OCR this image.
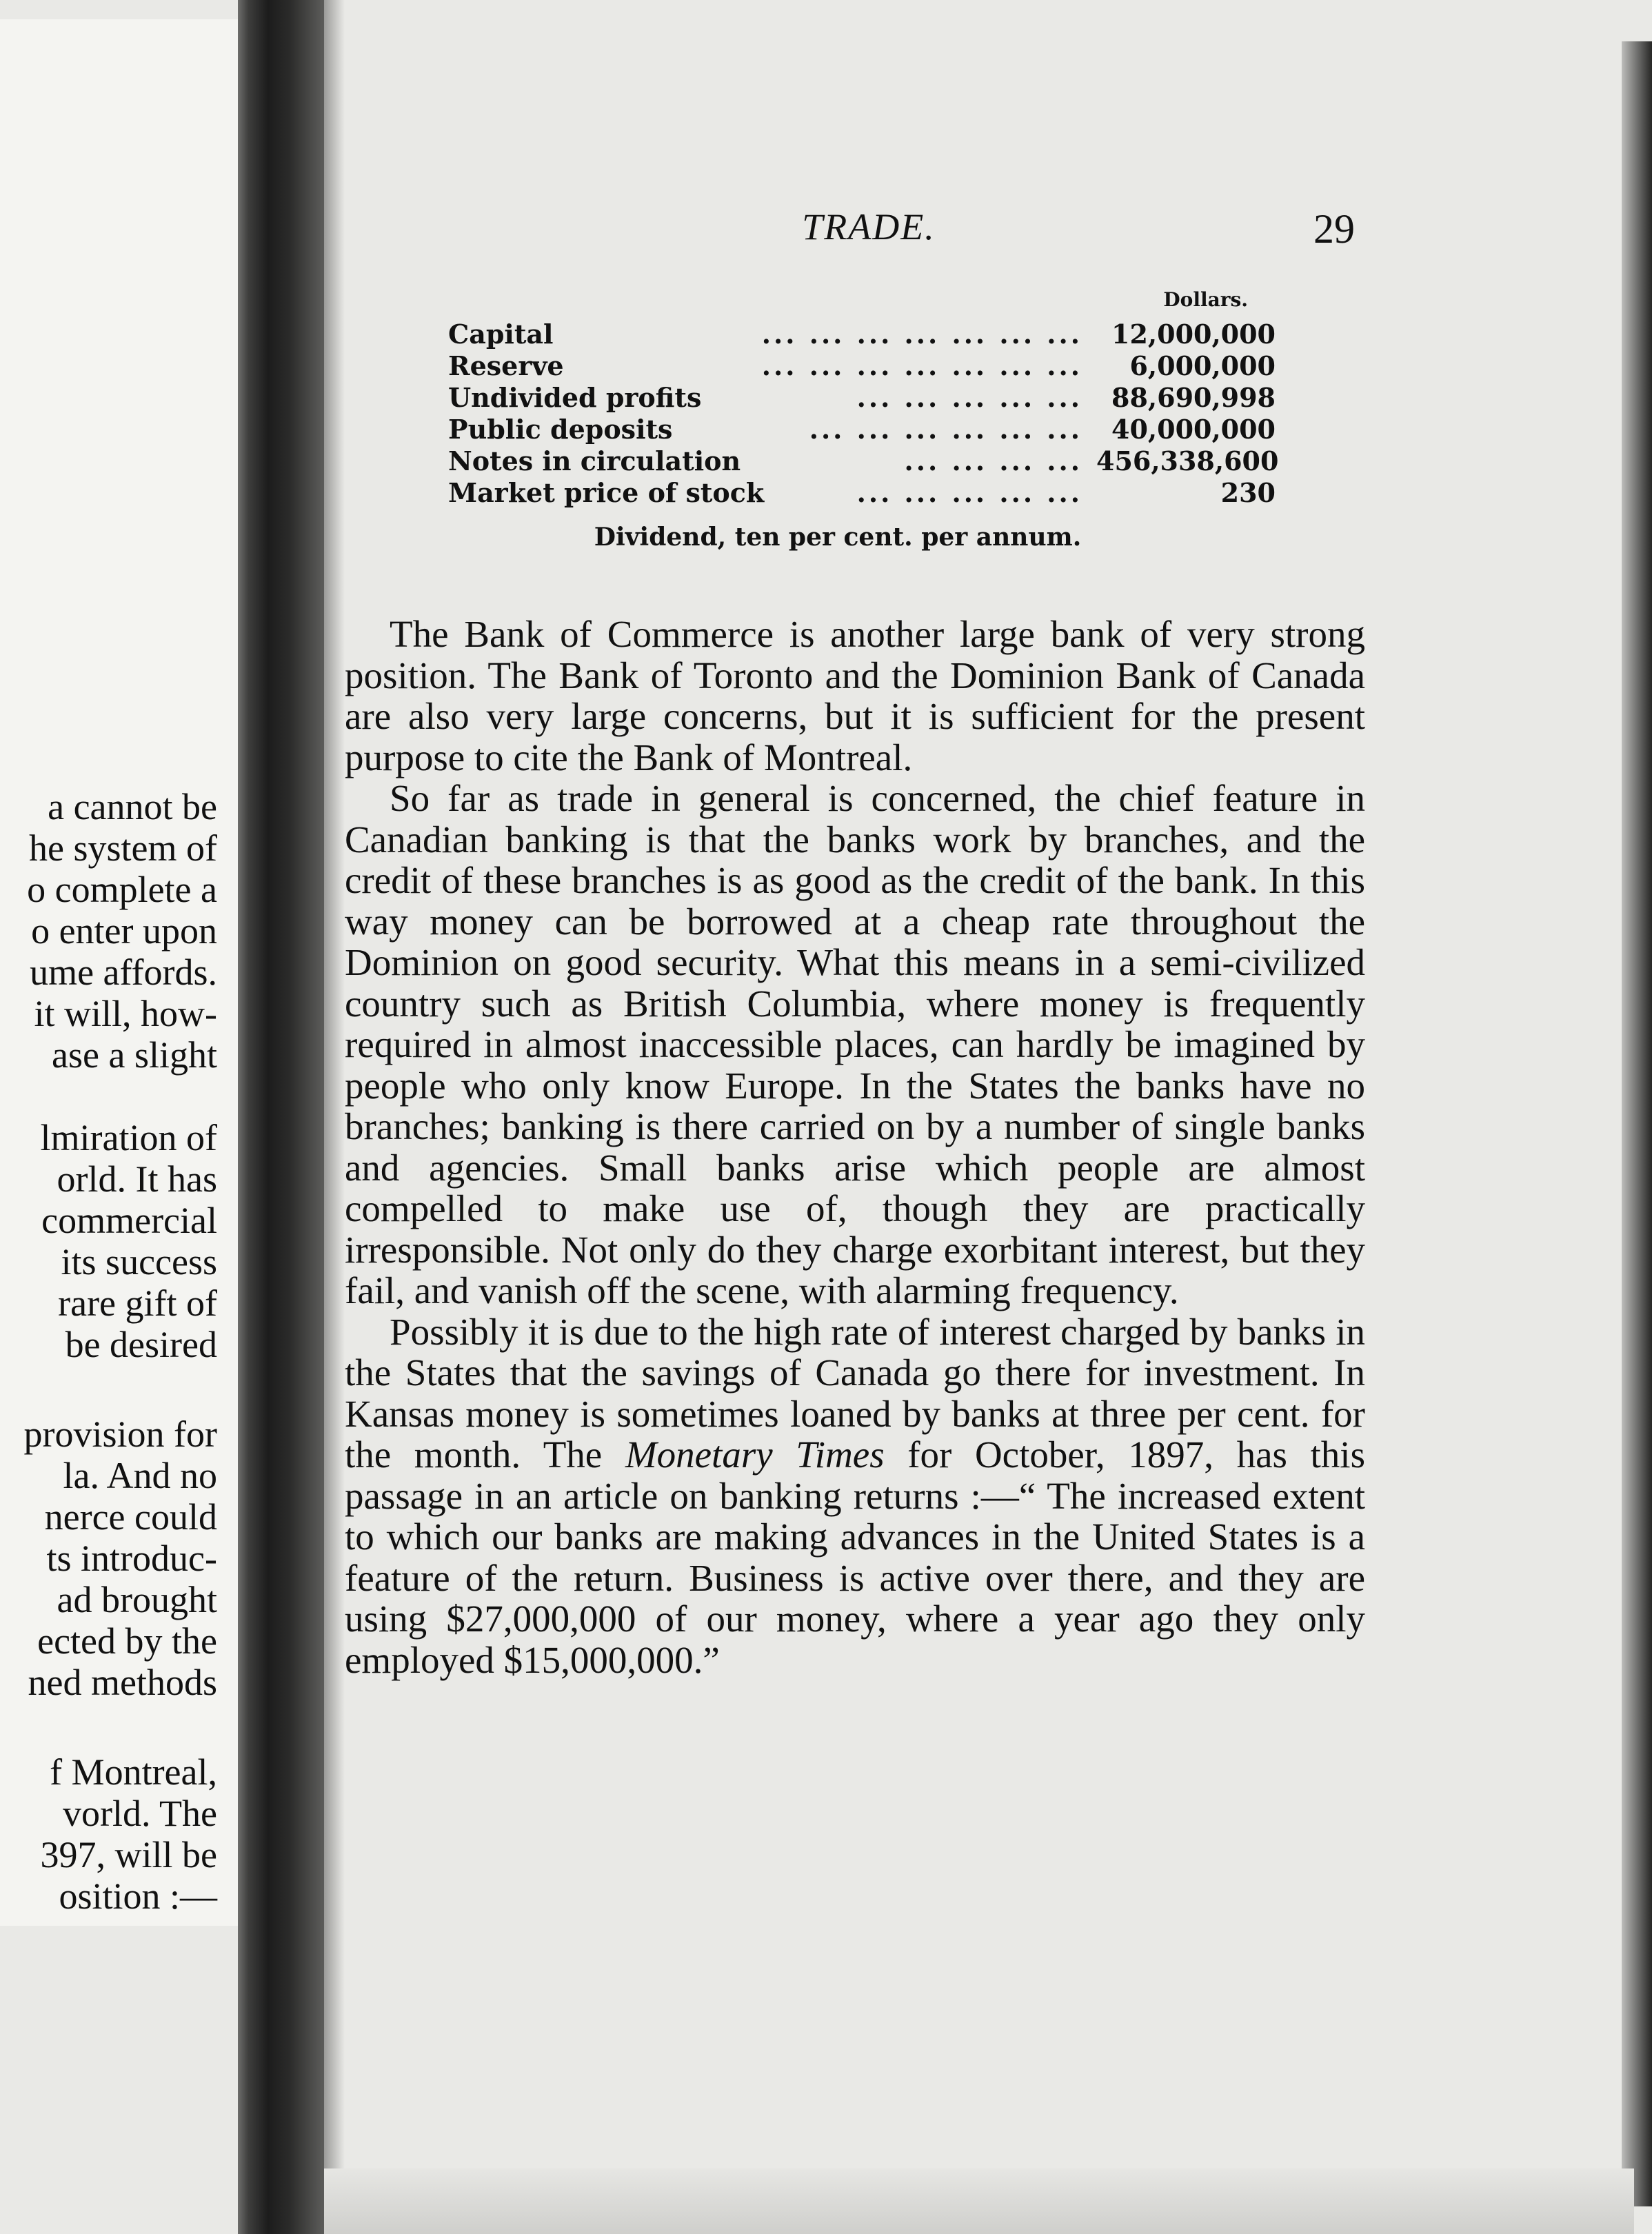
a cannot be
he system of
o complete a
o enter upon
ume affords.
it will, how-
ase a slight
lmiration of
orld. It has
commercial
its success
rare gift of
be desired
provision for
la. And no
nerce could
ts introduc-
ad brought
ected by the
ned methods
f Montreal,
vorld. The
397, will be
osition :—
TRADE.	29
Dollars.
Capital	... ... ... ... ... ... ...	12,000,000
Reserve	... ... ... ... ... ... ...	6,000,000
Undivided profits	... ... ... ... ...	88,690,998
Public deposits	... ... ... ... ... ...	40,000,000
Notes in circulation	... ... ... ... 456,338,600
Market price of stock	... ... ... ... ...	230
Dividend, ten per cent. per annum.

The Bank of Commerce is another large bank of very strong position. The Bank of Toronto and the Dominion Bank of Canada are also very large concerns, but it is sufficient for the present purpose to cite the Bank of Montreal.

So far as trade in general is concerned, the chief feature in Canadian banking is that the banks work by branches, and the credit of these branches is as good as the credit of the bank. In this way money can be borrowed at a cheap rate throughout the Dominion on good security. What this means in a semi-civilized country such as British Columbia, where money is frequently required in almost inaccessible places, can hardly be imagined by people who only know Europe. In the States the banks have no branches; banking is there carried on by a number of single banks and agencies. Small banks arise which people are almost compelled to make use of, though they are practically irresponsible. Not only do they charge exorbitant interest, but they fail, and vanish off the scene, with alarming frequency.

Possibly it is due to the high rate of interest charged by banks in the States that the savings of Canada go there for investment. In Kansas money is sometimes loaned by banks at three per cent. for the month. The Monetary Times for October, 1897, has this passage in an article on banking returns :—“ The increased extent to which our banks are making advances in the United States is a feature of the return. Business is active over there, and they are using $27,000,000 of our money, where a year ago they only employed $15,000,000.”
